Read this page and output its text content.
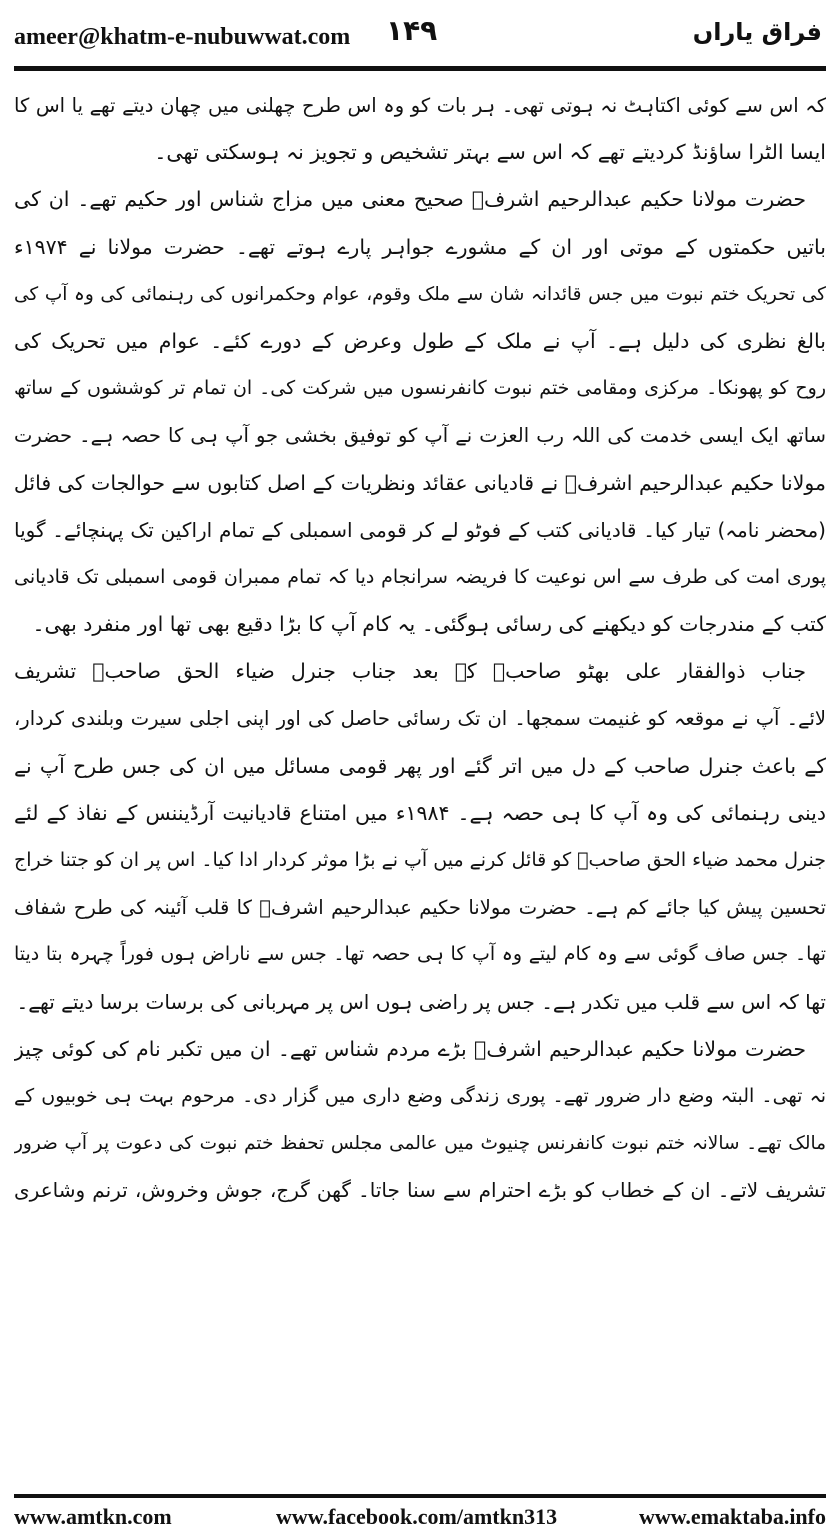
ameer@khatm-e-nubuwwat.com ۱۴۹	فراق یاراں
کہ اس سے کوئی اکتاہٹ نہ ہوتی تھی۔ ہر بات کو وہ اس طرح چھلنی میں چھان دیتے تھے یا اس کا
ایسا الٹرا ساؤنڈ کردیتے تھے کہ اس سے بہتر تشخیص و تجویز نہ ہوسکتی تھی۔
حضرت مولانا حکیم عبدالرحیم اشرفؒ صحیح معنی میں مزاج شناس اور حکیم تھے۔ ان کی
باتیں حکمتوں کے موتی اور ان کے مشورے جواہر پارے ہوتے تھے۔ حضرت مولانا نے ۱۹۷۴ء
کی تحریک ختم نبوت میں جس قائدانہ شان سے ملک وقوم، عوام وحکمرانوں کی رہنمائی کی وہ آپ کی
بالغ نظری کی دلیل ہے۔ آپ نے ملک کے طول وعرض کے دورے کئے۔ عوام میں تحریک کی
روح کو پھونکا۔ مرکزی ومقامی ختم نبوت کانفرنسوں میں شرکت کی۔ ان تمام تر کوششوں کے ساتھ
ساتھ ایک ایسی خدمت کی اللہ رب العزت نے آپ کو توفیق بخشی جو آپ ہی کا حصہ ہے۔ حضرت
مولانا حکیم عبدالرحیم اشرفؒ نے قادیانی عقائد ونظریات کے اصل کتابوں سے حوالجات کی فائل
(محضر نامہ) تیار کیا۔ قادیانی کتب کے فوٹو لے کر قومی اسمبلی کے تمام اراکین تک پہنچائے۔ گویا
پوری امت کی طرف سے اس نوعیت کا فریضہ سرانجام دیا کہ تمام ممبران قومی اسمبلی تک قادیانی
کتب کے مندرجات کو دیکھنے کی رسائی ہوگئی۔ یہ کام آپ کا بڑا دقیع بھی تھا اور منفرد بھی۔
جناب ذوالفقار علی بھٹو صاحبؒ کے بعد جناب جنرل ضیاء الحق صاحبؒ تشریف
لائے۔ آپ نے موقعہ کو غنیمت سمجھا۔ ان تک رسائی حاصل کی اور اپنی اجلی سیرت وبلندی کردار،
کے باعث جنرل صاحب کے دل میں اتر گئے اور پھر قومی مسائل میں ان کی جس طرح آپ نے
دینی رہنمائی کی وہ آپ کا ہی حصہ ہے۔ ۱۹۸۴ء میں امتناع قادیانیت آرڈیننس کے نفاذ کے لئے
جنرل محمد ضیاء الحق صاحبؒ کو قائل کرنے میں آپ نے بڑا موثر کردار ادا کیا۔ اس پر ان کو جتنا خراج
تحسین پیش کیا جائے کم ہے۔ حضرت مولانا حکیم عبدالرحیم اشرفؒ کا قلب آئینہ کی طرح شفاف
تھا۔ جس صاف گوئی سے وہ کام لیتے وہ آپ کا ہی حصہ تھا۔ جس سے ناراض ہوں فوراً چہرہ بتا دیتا
تھا کہ اس سے قلب میں تکدر ہے۔ جس پر راضی ہوں اس پر مہربانی کی برسات برسا دیتے تھے۔
حضرت مولانا حکیم عبدالرحیم اشرفؒ بڑے مردم شناس تھے۔ ان میں تکبر نام کی کوئی چیز
نہ تھی۔ البتہ وضع دار ضرور تھے۔ پوری زندگی وضع داری میں گزار دی۔ مرحوم بہت ہی خوبیوں کے
مالک تھے۔ سالانہ ختم نبوت کانفرنس چنیوٹ میں عالمی مجلس تحفظ ختم نبوت کی دعوت پر آپ ضرور
تشریف لاتے۔ ان کے خطاب کو بڑے احترام سے سنا جاتا۔ گھن گرج، جوش وخروش، ترنم وشاعری
www.amtkn.com	www.facebook.com/amtkn313	www.emaktaba.info
